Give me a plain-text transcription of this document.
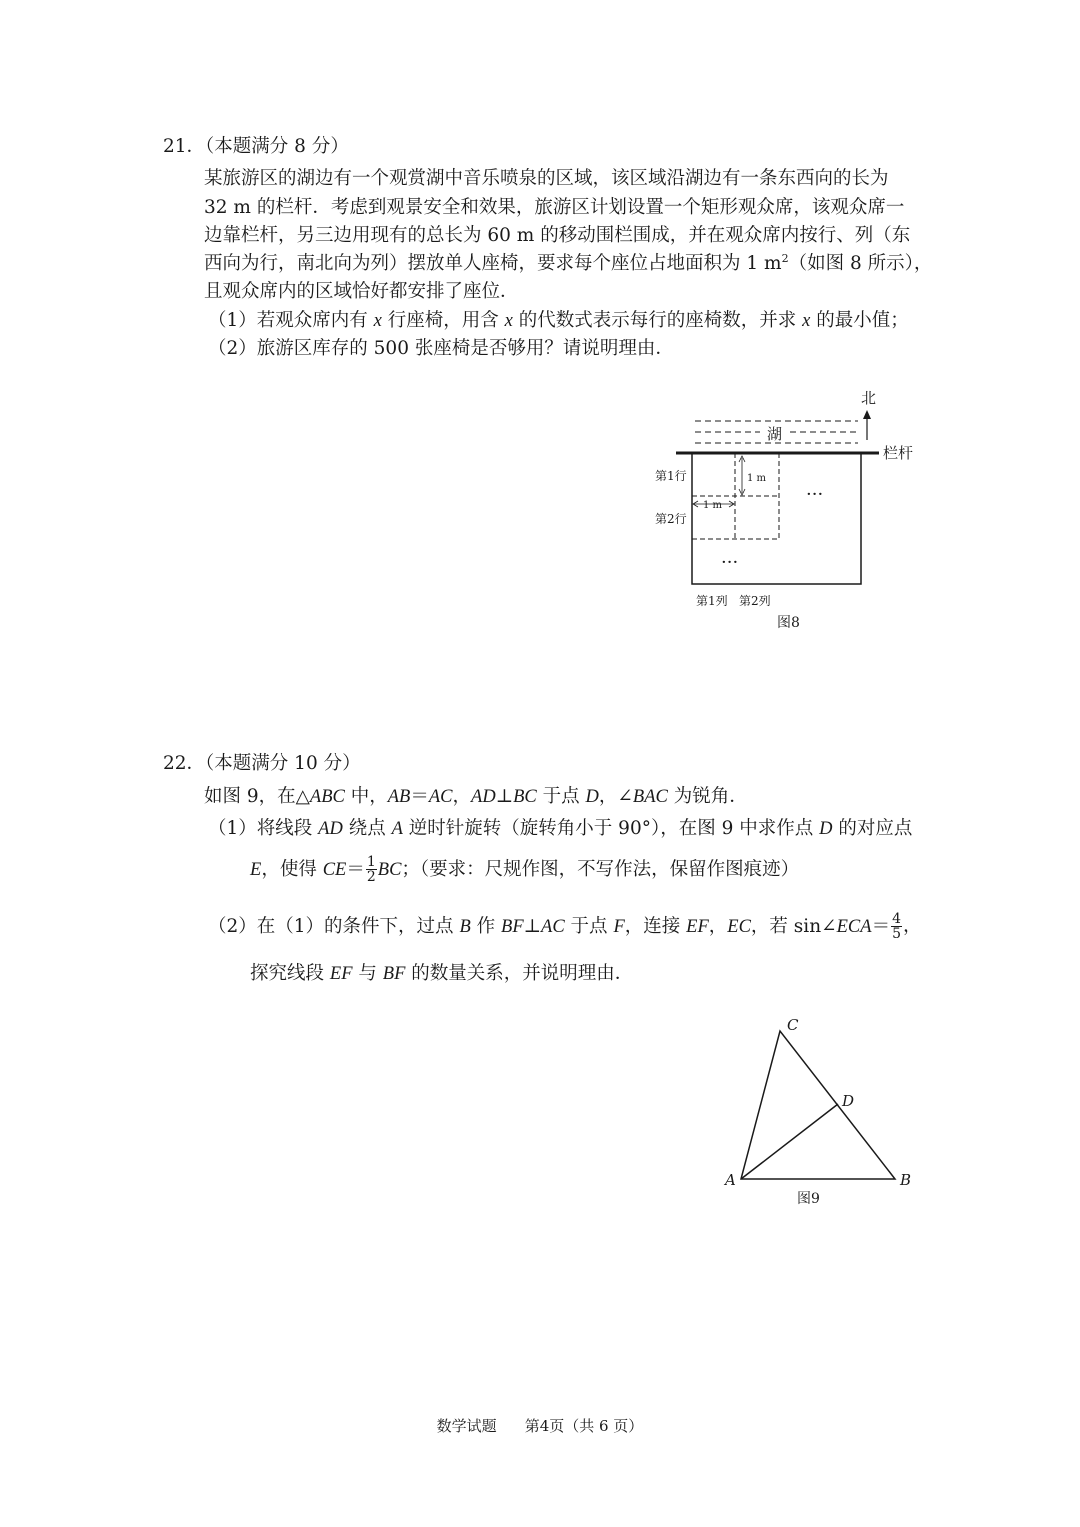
21．（本题满分 8 分）
某旅游区的湖边有一个观赏湖中音乐喷泉的区域，该区域沿湖边有一条东西向的长为
32 m 的栏杆．考虑到观景安全和效果，旅游区计划设置一个矩形观众席，该观众席一
边靠栏杆，另三边用现有的总长为 60 m 的移动围栏围成，并在观众席内按行、列（东
西向为行，南北向为列）摆放单人座椅，要求每个座位占地面积为 1 $m^2$（如图 8 所示），
且观众席内的区域恰好都安排了座位．
（1）若观众席内有 x 行座椅，用含 x 的代数式表示每行的座椅数，并求 x 的最小值；
（2）旅游区库存的 500 张座椅是否够用？请说明理由．
北
湖
栏杆
1 m
1 m
···
···
第1行
第2行
第1列 第2列
图8
22．（本题满分 10 分）
如图 9，在△ABC 中，AB＝AC，AD⊥BC 于点 D，∠BAC 为锐角．
（1）将线段 AD 绕点 A 逆时针旋转（旋转角小于 90°），在图 9 中求作点 D 的对应点
E，使得 $CE= \frac{1}{2}$ BC；（要求：尺规作图，不写作法，保留作图痕迹）
（2）在（1）的条件下，过点 B 作 BF⊥AC 于点 F，连接 EF，EC，若 sin∠ECA＝ $\frac{4}{5}$ ，
探究线段 EF 与 BF 的数量关系，并说明理由．
A	B
C
D
图9
数学试题 第4页（共 6 页）
